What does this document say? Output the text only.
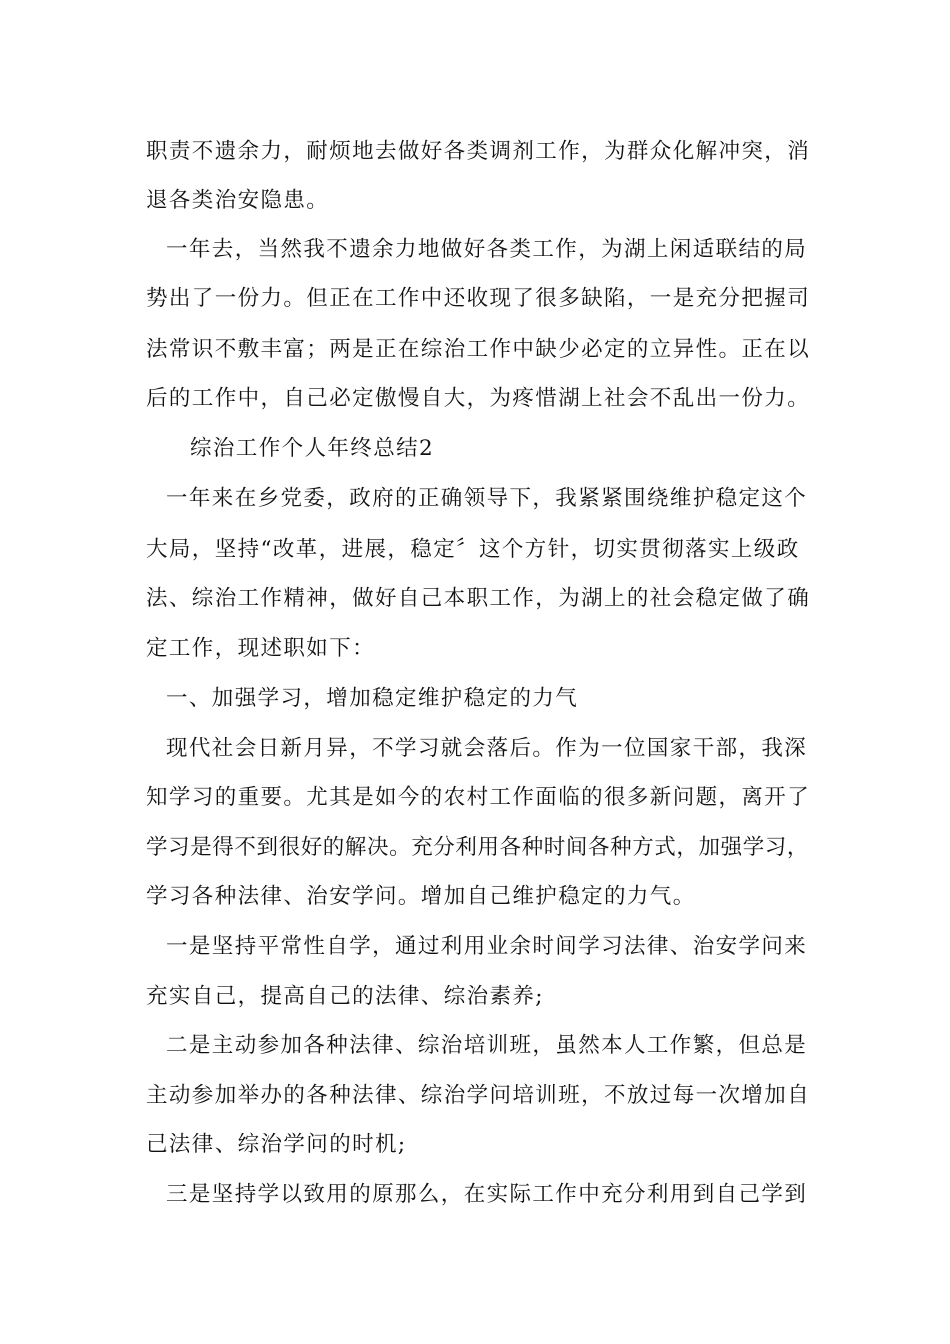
职责不遗余力，耐烦地去做好各类调剂工作，为群众化解冲突，消
退各类治安隐患。
一年去，当然我不遗余力地做好各类工作，为湖上闲适联结的局
势出了一份力。但正在工作中还收现了很多缺陷，一是充分把握司
法常识不敷丰富；两是正在综治工作中缺少必定的立异性。正在以
后的工作中，自己必定傲慢自大，为疼惜湖上社会不乱出一份力。
综治工作个人年终总结2
一年来在乡党委，政府的正确领导下，我紧紧围绕维护稳定这个
大局，坚持“改革，进展，稳定〞这个方针，切实贯彻落实上级政
法、综治工作精神，做好自己本职工作，为湖上的社会稳定做了确
定工作，现述职如下：
一、加强学习，增加稳定维护稳定的力气
现代社会日新月异，不学习就会落后。作为一位国家干部，我深
知学习的重要。尤其是如今的农村工作面临的很多新问题，离开了
学习是得不到很好的解决。充分利用各种时间各种方式，加强学习，
学习各种法律、治安学问。增加自己维护稳定的力气。
一是坚持平常性自学，通过利用业余时间学习法律、治安学问来
充实自己，提高自己的法律、综治素养;
二是主动参加各种法律、综治培训班，虽然本人工作繁，但总是
主动参加举办的各种法律、综治学问培训班，不放过每一次增加自
己法律、综治学问的时机;
三是坚持学以致用的原那么，在实际工作中充分利用到自己学到
